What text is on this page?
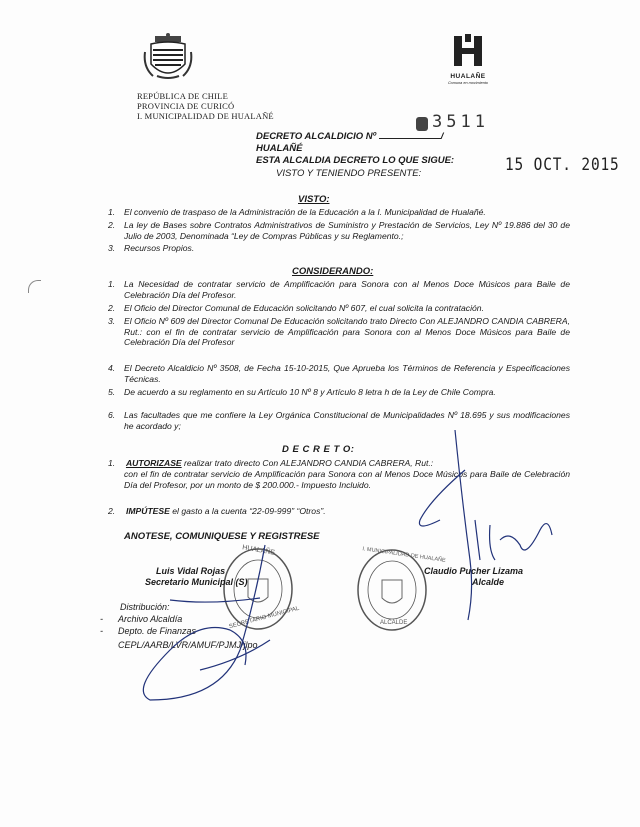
REPÚBLICA DE CHILE
PROVINCIA DE CURICÓ
I. MUNICIPALIDAD DE HUALAÑÉ
HUALAÑE
Comuna en movimiento
DECRETO ALCALDICIO Nº	/
3511
HUALAÑÉ
ESTA ALCALDIA DECRETO LO QUE SIGUE:
VISTO Y TENIENDO PRESENTE:	15 OCT. 2015
VISTO:
1. El convenio de traspaso de la Administración de la Educación a la I. Municipalidad de Hualañé.
2. La ley de Bases sobre Contratos Administrativos de Suministro y Prestación de Servicios, Ley Nº 19.886 del 30 de Julio de 2003, Denominada “Ley de Compras Públicas y su Reglamento.;
3. Recursos Propios.
CONSIDERANDO:
1. La Necesidad de contratar servicio de Amplificación para Sonora con al Menos Doce Músicos para Baile de Celebración Día del Profesor.
2. El Oficio del Director Comunal de Educación solicitando Nº 607, el cual solicita la contratación.
3. El Oficio Nº 609 del Director Comunal De Educación solicitando trato Directo Con ALEJANDRO CANDIA CABRERA, Rut.: con el fin de contratar servicio de Amplificación para Sonora con al Menos Doce Músicos para Baile de Celebración Día del Profesor
4. El Decreto Alcaldicio Nº 3508, de Fecha 15-10-2015, Que Aprueba los Términos de Referencia y Especificaciones Técnicas.
5. De acuerdo a su reglamento en su Artículo 10 Nº 8 y Artículo 8 letra h de la Ley de Chile Compra.
6. Las facultades que me confiere la Ley Orgánica Constitucional de Municipalidades Nº 18.695 y sus modificaciones he acordado y;
D E C R E T O:
1. AUTORIZASE realizar trato directo Con ALEJANDRO CANDIA CABRERA, Rut.:
con el fin de contratar servicio de Amplificación para Sonora con al Menos Doce Músicos para Baile de Celebración Día del Profesor, por un monto de $ 200.000.- Impuesto Incluido.
2. IMPÚTESE el gasto a la cuenta “22-09-999” “Otros”.
ANOTESE, COMUNIQUESE Y REGISTRESE
HUALAÑE
SECRETARIO MUNICIPAL
I. MUNICIPALIDAD DE HUALAÑE
ALCALDE
Luis Vidal Rojas
Secretario Municipal (S)
Claudio Pucher Lizama
Alcalde
Distribución:
- Archivo Alcaldía
- Depto. de Finanzas
CEPL/AARB/LVR/AMUF/PJMJ/jlpo
